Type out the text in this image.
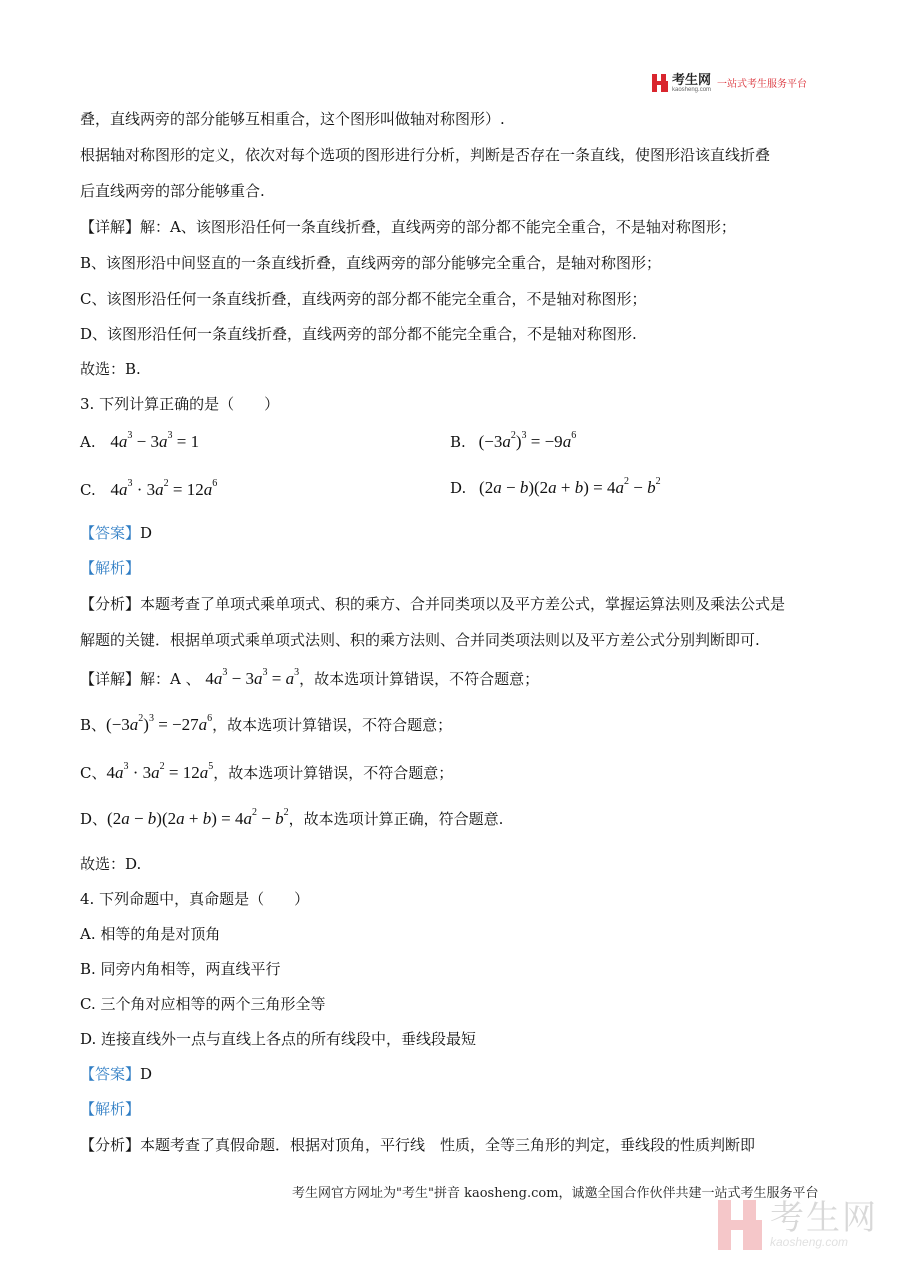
考生网
kaosheng.com 一站式考生服务平台
叠，直线两旁的部分能够互相重合，这个图形叫做轴对称图形）.
根据轴对称图形的定义，依次对每个选项的图形进行分析，判断是否存在一条直线，使图形沿该直线折叠
后直线两旁的部分能够重合.
【详解】解：A、该图形沿任何一条直线折叠，直线两旁的部分都不能完全重合，不是轴对称图形；
B、该图形沿中间竖直的一条直线折叠，直线两旁的部分能够完全重合，是轴对称图形；
C、该图形沿任何一条直线折叠，直线两旁的部分都不能完全重合，不是轴对称图形；
D、该图形沿任何一条直线折叠，直线两旁的部分都不能完全重合，不是轴对称图形.
故选：B.
3. 下列计算正确的是（　　）
A. $4a^3 - 3a^3 = 1$	B. $(-3a^2)^3 = -9a^6$
C. $4a^3 \cdot 3a^2 = 12a^6$	D. $(2a - b)(2a + b) = 4a^2 - b^2$
【答案】D
【解析】
【分析】本题考查了单项式乘单项式、积的乘方、合并同类项以及平方差公式，掌握运算法则及乘法公式是
解题的关键．根据单项式乘单项式法则、积的乘方法则、合并同类项法则以及平方差公式分别判断即可.
【详解】解：A 、 $4a^3 - 3a^3 = a^3$，故本选项计算错误，不符合题意；
B、$(-3a^2)^3 = -27a^6$，故本选项计算错误，不符合题意；
C、$4a^3 \cdot 3a^2 = 12a^5$，故本选项计算错误，不符合题意；
D、$(2a - b)(2a + b) = 4a^2 - b^2$，故本选项计算正确，符合题意.
故选：D.
4. 下列命题中，真命题是（　　）
A. 相等的角是对顶角
B. 同旁内角相等，两直线平行
C. 三个角对应相等的两个三角形全等
D. 连接直线外一点与直线上各点的所有线段中，垂线段最短
【答案】D
【解析】
【分析】本题考查了真假命题．根据对顶角，平行线　性质，全等三角形的判定，垂线段的性质判断即
考生网官方网址为"考生"拼音 kaosheng.com，诚邀全国合作伙伴共建一站式考生服务平台
考生网
kaosheng.com
